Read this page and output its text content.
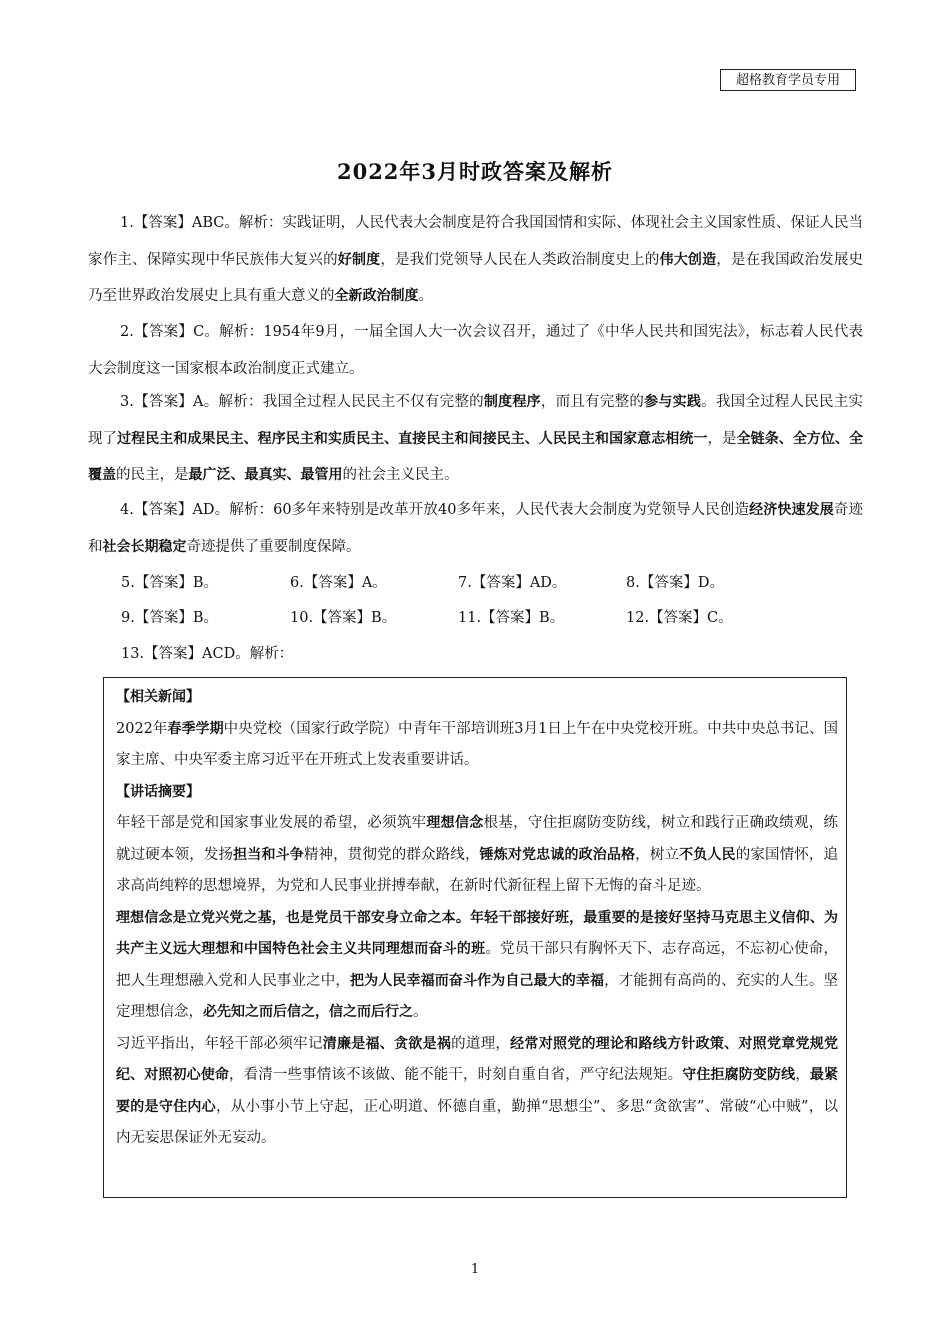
超格教育学员专用
2022年3月时政答案及解析
1.【答案】ABC。解析：实践证明，人民代表大会制度是符合我国国情和实际、体现社会主义国家性质、保证人民当家作主、保障实现中华民族伟大复兴的好制度，是我们党领导人民在人类政治制度史上的伟大创造，是在我国政治发展史乃至世界政治发展史上具有重大意义的全新政治制度。
2.【答案】C。解析：1954年9月，一届全国人大一次会议召开，通过了《中华人民共和国宪法》，标志着人民代表大会制度这一国家根本政治制度正式建立。
3.【答案】A。解析：我国全过程人民民主不仅有完整的制度程序，而且有完整的参与实践。我国全过程人民民主实现了过程民主和成果民主、程序民主和实质民主、直接民主和间接民主、人民民主和国家意志相统一，是全链条、全方位、全覆盖的民主，是最广泛、最真实、最管用的社会主义民主。
4.【答案】AD。解析：60多年来特别是改革开放40多年来，人民代表大会制度为党领导人民创造经济快速发展奇迹和社会长期稳定奇迹提供了重要制度保障。
5.【答案】B。	6.【答案】A。	7.【答案】AD。	8.【答案】D。
9.【答案】B。	10.【答案】B。	11.【答案】B。	12.【答案】C。
13.【答案】ACD。解析：

【相关新闻】

2022年春季学期中央党校（国家行政学院）中青年干部培训班3月1日上午在中央党校开班。中共中央总书记、国家主席、中央军委主席习近平在开班式上发表重要讲话。

【讲话摘要】

年轻干部是党和国家事业发展的希望，必须筑牢理想信念根基，守住拒腐防变防线，树立和践行正确政绩观，练就过硬本领，发扬担当和斗争精神，贯彻党的群众路线，锤炼对党忠诚的政治品格，树立不负人民的家国情怀，追求高尚纯粹的思想境界，为党和人民事业拼搏奉献，在新时代新征程上留下无悔的奋斗足迹。

理想信念是立党兴党之基，也是党员干部安身立命之本。年轻干部接好班，最重要的是接好坚持马克思主义信仰、为共产主义远大理想和中国特色社会主义共同理想而奋斗的班。党员干部只有胸怀天下、志存高远，不忘初心使命，把人生理想融入党和人民事业之中，把为人民幸福而奋斗作为自己最大的幸福，才能拥有高尚的、充实的人生。坚定理想信念，必先知之而后信之，信之而后行之。

习近平指出，年轻干部必须牢记清廉是福、贪欲是祸的道理，经常对照党的理论和路线方针政策、对照党章党规党纪、对照初心使命，看清一些事情该不该做、能不能干，时刻自重自省，严守纪法规矩。守住拒腐防变防线，最紧要的是守住内心，从小事小节上守起，正心明道、怀德自重，勤掸“思想尘”、多思“贪欲害”、常破“心中贼”，以内无妄思保证外无妄动。

1
